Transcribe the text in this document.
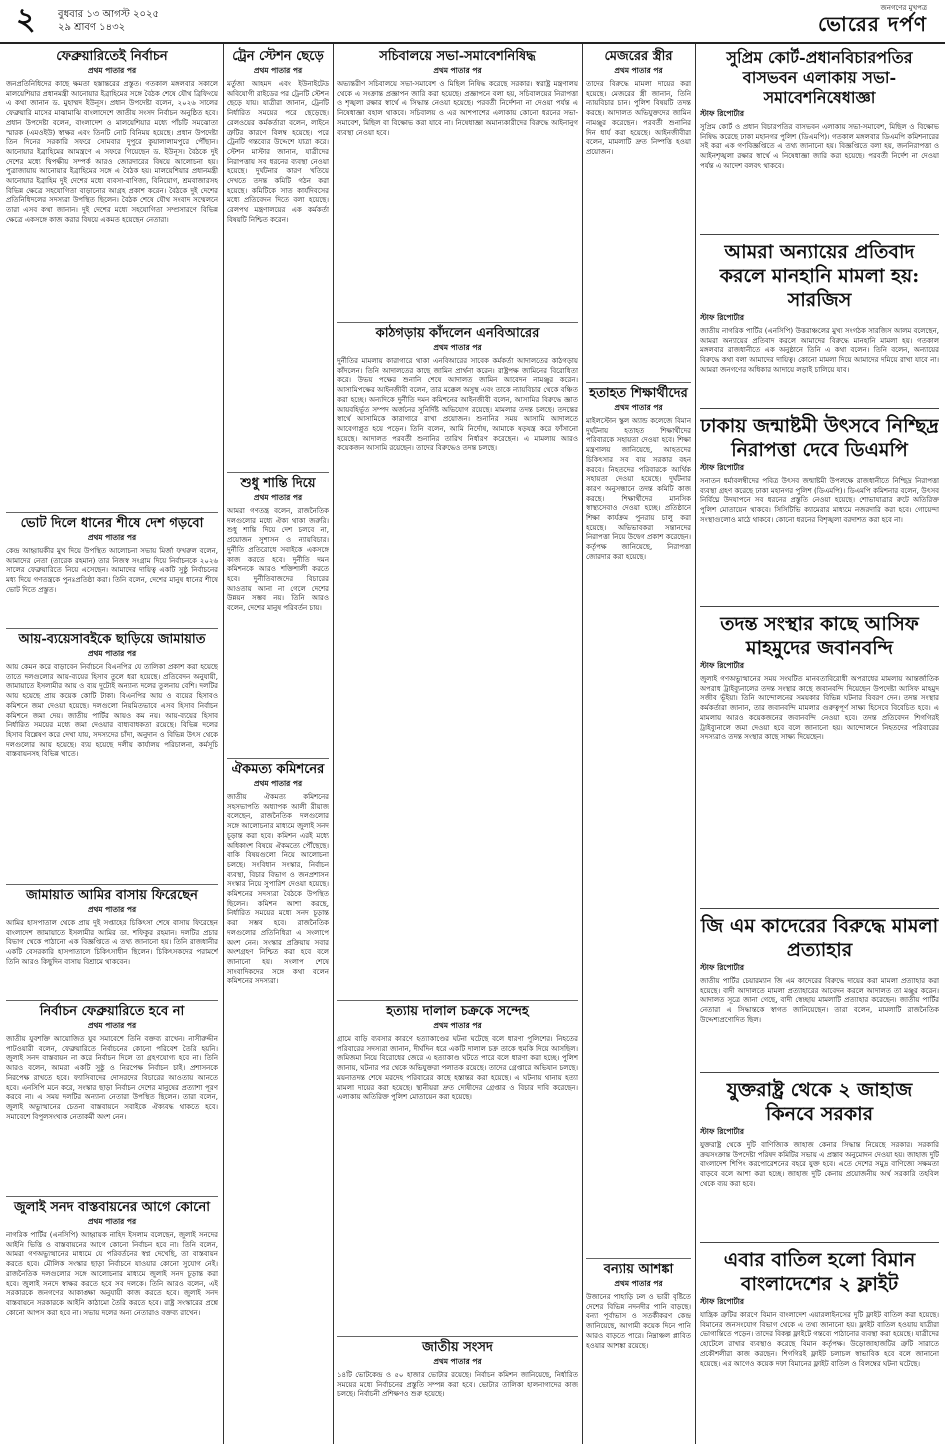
২ বুধবার ১৩ আগস্ট ২০২৫
২৯ শ্রাবণ ১৪৩২
জনগণের মুখপত্র
ভোরের দর্পণ
ফেব্রুয়ারিতেই নির্বাচন
প্রথম পাতার পর

জনপ্রতিনিধিদের কাছে ক্ষমতা হস্তান্তরের প্রস্তুত। গতকাল মঙ্গলবার সকালে মালয়েশিয়ার প্রধানমন্ত্রী আনোয়ার ইব্রাহিমের সঙ্গে বৈঠক শেষে যৌথ ব্রিফিংয়ে এ কথা জানান ড. মুহাম্মদ ইউনূস। প্রধান উপদেষ্টা বলেন, ২০২৬ সালের ফেব্রুয়ারি মাসের মাঝামাঝি বাংলাদেশে জাতীয় সংসদ নির্বাচন অনুষ্ঠিত হবে। প্রধান উপদেষ্টা বলেন, বাংলাদেশ ও মালয়েশিয়ার মধ্যে পাঁচটি সমঝোতা স্মারক (এমওইউ) স্বাক্ষর এবং তিনটি নোট বিনিময় হয়েছে। প্রধান উপদেষ্টা তিন দিনের সরকারি সফরে সোমবার দুপুরে কুয়ালালামপুরে পৌঁছান। আনোয়ার ইব্রাহিমের আমন্ত্রণে এ সফরে গিয়েছেন ড. ইউনূস। বৈঠকে দুই দেশের মধ্যে দ্বিপক্ষীয় সম্পর্ক আরও জোরদারের বিষয়ে আলোচনা হয়। পুত্রাজায়ায় আনোয়ার ইব্রাহিমের সঙ্গে এ বৈঠক হয়। মালয়েশিয়ার প্রধানমন্ত্রী আনোয়ার ইব্রাহিম দুই দেশের মধ্যে ব্যবসা-বাণিজ্য, বিনিয়োগ, শ্রমবাজারসহ বিভিন্ন ক্ষেত্রে সহযোগিতা বাড়ানোর আগ্রহ প্রকাশ করেন। বৈঠকে দুই দেশের প্রতিনিধিদলের সদস্যরা উপস্থিত ছিলেন। বৈঠক শেষে যৌথ সংবাদ সম্মেলনে তারা এসব কথা জানান। দুই দেশের মধ্যে সহযোগিতা সম্প্রসারণে বিভিন্ন ক্ষেত্রে একসঙ্গে কাজ করার বিষয়ে একমত হয়েছেন নেতারা।

ভোট দিলে ধানের শীষে দেশ গড়বো
প্রথম পাতার পর

কেন্দ্র আহ্বায়কীর মুখ দিয়ে উপস্থিত আলোচনা সভায় মির্জা ফখরুল বলেন, আমাদের নেতা (তারেক রহমান) তার নিজস্ব সংগ্রাম দিয়ে নির্বাচনকে ২০২৬ সালের ফেব্রুয়ারিতে নিয়ে এসেছেন। আমাদের দায়িত্ব একটি সুষ্ঠু নির্বাচনের মধ্য দিয়ে গণতন্ত্রকে পুনঃপ্রতিষ্ঠা করা। তিনি বলেন, দেশের মানুষ ধানের শীষে ভোট দিতে প্রস্তুত।

আয়-ব্যয়েসাবইকে ছাড়িয়ে জামায়াত
প্রথম পাতার পর

আয় কেমন করে বাড়াবেন নির্বাচনে বিএনপির যে তালিকা প্রকাশ করা হয়েছে তাতে দলগুলোর আয়-ব্যয়ের হিসাব তুলে ধরা হয়েছে। প্রতিবেদন অনুযায়ী, জামায়াতে ইসলামীর আয় ও ব্যয় দুটোই অন্যান্য দলের তুলনায় বেশি। দলটির আয় হয়েছে প্রায় কয়েক কোটি টাকা। বিএনপির আয় ও ব্যয়ের হিসাবও কমিশনে জমা দেওয়া হয়েছে। দলগুলো নিয়মিতভাবে এসব হিসাব নির্বাচন কমিশনে জমা দেয়। জাতীয় পার্টির আয়ও কম নয়। আয়-ব্যয়ের হিসাব নির্ধারিত সময়ের মধ্যে জমা দেওয়ার বাধ্যবাধকতা রয়েছে। বিভিন্ন দলের হিসাব বিশ্লেষণ করে দেখা যায়, সদস্যদের চাঁদা, অনুদান ও বিভিন্ন উৎস থেকে দলগুলোর আয় হয়েছে। ব্যয় হয়েছে দলীয় কার্যালয় পরিচালনা, কর্মসূচি বাস্তবায়নসহ বিভিন্ন খাতে।

জামায়াত আমির বাসায় ফিরেছেন
প্রথম পাতার পর

আমির হাসপাতাল থেকে প্রায় দুই সপ্তাহের চিকিৎসা শেষে বাসায় ফিরেছেন বাংলাদেশ জামায়াতে ইসলামীর আমির ডা. শফিকুর রহমান। দলটির প্রচার বিভাগ থেকে পাঠানো এক বিজ্ঞপ্তিতে এ তথ্য জানানো হয়। তিনি রাজধানীর একটি বেসরকারি হাসপাতালে চিকিৎসাধীন ছিলেন। চিকিৎসকদের পরামর্শে তিনি আরও কিছুদিন বাসায় বিশ্রামে থাকবেন।

নির্বাচন ফেব্রুয়ারিতে হবে না
প্রথম পাতার পর

জাতীয় যুবশক্তি আয়োজিত যুব সমাবেশে তিনি বক্তব্য রাখেন। নাসীরুদ্দীন পাটওয়ারী বলেন, ফেব্রুয়ারিতে নির্বাচনের কোনো পরিবেশ তৈরি হয়নি। জুলাই সনদ বাস্তবায়ন না করে নির্বাচন দিলে তা গ্রহণযোগ্য হবে না। তিনি আরও বলেন, আমরা একটি সুষ্ঠু ও নিরপেক্ষ নির্বাচন চাই। প্রশাসনকে নিরপেক্ষ রাখতে হবে। ফ্যাসিবাদের দোসরদের বিচারের আওতায় আনতে হবে। এনসিপি মনে করে, সংস্কার ছাড়া নির্বাচন দেশের মানুষের প্রত্যাশা পূরণ করবে না। এ সময় দলটির অন্যান্য নেতারা উপস্থিত ছিলেন। তারা বলেন, জুলাই অভ্যুত্থানের চেতনা বাস্তবায়নে সবাইকে ঐক্যবদ্ধ থাকতে হবে। সমাবেশে বিপুলসংখ্যক নেতাকর্মী অংশ নেন।

জুলাই সনদ বাস্তবায়নের আগে কোনো
প্রথম পাতার পর

নাগরিক পার্টির (এনসিপি) আহ্বায়ক নাহিদ ইসলাম বলেছেন, জুলাই সনদের আইনি ভিত্তি ও বাস্তবায়নের আগে কোনো নির্বাচন হবে না। তিনি বলেন, আমরা গণঅভ্যুত্থানের মাধ্যমে যে পরিবর্তনের স্বপ্ন দেখেছি, তা বাস্তবায়ন করতে হবে। মৌলিক সংস্কার ছাড়া নির্বাচনে যাওয়ার কোনো সুযোগ নেই। রাজনৈতিক দলগুলোর সঙ্গে আলোচনার মাধ্যমে জুলাই সনদ চূড়ান্ত করা হবে। জুলাই সনদে স্বাক্ষর করতে হবে সব দলকে। তিনি আরও বলেন, এই সরকারকে জনগণের আকাঙ্ক্ষা অনুযায়ী কাজ করতে হবে। জুলাই সনদ বাস্তবায়নে সরকারকে আইনি কাঠামো তৈরি করতে হবে। রাষ্ট্র সংস্কারের প্রশ্নে কোনো আপস করা হবে না। সভায় দলের অন্য নেতারাও বক্তব্য রাখেন।

ট্রেন স্টেশন ছেড়ে
প্রথম পাতার পর

মর্তুজা আহমদ এবং ইউনাইটেড অবিযোগী রাইডের পর ট্রেনটি স্টেশন ছেড়ে যায়। যাত্রীরা জানান, ট্রেনটি নির্ধারিত সময়ের পরে ছেড়েছে। রেলওয়ের কর্মকর্তারা বলেন, লাইনে ত্রুটির কারণে বিলম্ব হয়েছে। পরে ট্রেনটি গন্তব্যের উদ্দেশে যাত্রা করে। স্টেশন মাস্টার জানান, যাত্রীদের নিরাপত্তায় সব ধরনের ব্যবস্থা নেওয়া হয়েছে। দুর্ঘটনার কারণ খতিয়ে দেখতে তদন্ত কমিটি গঠন করা হয়েছে। কমিটিকে সাত কার্যদিবসের মধ্যে প্রতিবেদন দিতে বলা হয়েছে। রেলপথ মন্ত্রণালয়ের এক কর্মকর্তা বিষয়টি নিশ্চিত করেন।

শুধু শান্তি দিয়ে
প্রথম পাতার পর

আমরা গণতন্ত্র বলেন, রাজনৈতিক দলগুলোর মধ্যে ঐক্য থাকা জরুরি। শুধু শান্তি দিয়ে দেশ চলবে না, প্রয়োজন সুশাসন ও ন্যায়বিচার। দুর্নীতি প্রতিরোধে সবাইকে একসঙ্গে কাজ করতে হবে। দুর্নীতি দমন কমিশনকে আরও শক্তিশালী করতে হবে। দুর্নীতিবাজদের বিচারের আওতায় আনা না গেলে দেশের উন্নয়ন সম্ভব নয়। তিনি আরও বলেন, দেশের মানুষ পরিবর্তন চায়।

ঐকমত্য কমিশনের
প্রথম পাতার পর

জাতীয় ঐকমত্য কমিশনের সহসভাপতি অধ্যাপক আলী রীয়াজ বলেছেন, রাজনৈতিক দলগুলোর সঙ্গে আলোচনার মাধ্যমে জুলাই সনদ চূড়ান্ত করা হবে। কমিশন এরই মধ্যে অধিকাংশ বিষয়ে ঐকমত্যে পৌঁছেছে। বাকি বিষয়গুলো নিয়ে আলোচনা চলছে। সংবিধান সংস্কার, নির্বাচন ব্যবস্থা, বিচার বিভাগ ও জনপ্রশাসন সংস্কার নিয়ে সুপারিশ দেওয়া হয়েছে। কমিশনের সদস্যরা বৈঠকে উপস্থিত ছিলেন। কমিশন আশা করছে, নির্ধারিত সময়ের মধ্যে সনদ চূড়ান্ত করা সম্ভব হবে। রাজনৈতিক দলগুলোর প্রতিনিধিরা এ সংলাপে অংশ নেন। সংস্কার প্রক্রিয়ায় সবার অংশগ্রহণ নিশ্চিত করা হবে বলে জানানো হয়। সংলাপ শেষে সাংবাদিকদের সঙ্গে কথা বলেন কমিশনের সদস্যরা।

সচিবালয়ে সভা-সমাবেশনিষিদ্ধ
প্রথম পাতার পর

অভ্যন্তরীণ সচিবালয়ে সভা-সমাবেশ ও মিছিল নিষিদ্ধ করেছে সরকার। স্বরাষ্ট্র মন্ত্রণালয় থেকে এ সংক্রান্ত প্রজ্ঞাপন জারি করা হয়েছে। প্রজ্ঞাপনে বলা হয়, সচিবালয়ের নিরাপত্তা ও শৃঙ্খলা রক্ষার স্বার্থে এ সিদ্ধান্ত নেওয়া হয়েছে। পরবর্তী নির্দেশনা না দেওয়া পর্যন্ত এ নিষেধাজ্ঞা বহাল থাকবে। সচিবালয় ও এর আশপাশের এলাকায় কোনো ধরনের সভা-সমাবেশ, মিছিল বা বিক্ষোভ করা যাবে না। নিষেধাজ্ঞা অমান্যকারীদের বিরুদ্ধে আইনানুগ ব্যবস্থা নেওয়া হবে।

কাঠগড়ায় কাঁদলেন এনবিআরের
প্রথম পাতার পর

দুর্নীতির মামলায় কারাগারে থাকা এনবিআরের সাবেক কর্মকর্তা আদালতের কাঠগড়ায় কাঁদলেন। তিনি আদালতের কাছে জামিন প্রার্থনা করেন। রাষ্ট্রপক্ষ জামিনের বিরোধিতা করে। উভয় পক্ষের শুনানি শেষে আদালত জামিন আবেদন নামঞ্জুর করেন। আসামিপক্ষের আইনজীবী বলেন, তার মক্কেল অসুস্থ এবং তাকে ন্যায়বিচার থেকে বঞ্চিত করা হচ্ছে। অন্যদিকে দুর্নীতি দমন কমিশনের আইনজীবী বলেন, আসামির বিরুদ্ধে জ্ঞাত আয়বহির্ভূত সম্পদ অর্জনের সুনির্দিষ্ট অভিযোগ রয়েছে। মামলার তদন্ত চলছে। তদন্তের স্বার্থে আসামিকে কারাগারে রাখা প্রয়োজন। শুনানির সময় আসামি আদালতে আবেগাপ্লুত হয়ে পড়েন। তিনি বলেন, আমি নির্দোষ, আমাকে ষড়যন্ত্র করে ফাঁসানো হয়েছে। আদালত পরবর্তী শুনানির তারিখ নির্ধারণ করেছেন। এ মামলায় আরও কয়েকজন আসামি রয়েছেন। তাদের বিরুদ্ধেও তদন্ত চলছে।

হত্যায় দালাল চক্রকে সন্দেহ
প্রথম পাতার পর

গ্রামে বাড়ি ব্যবসার কারণে হত্যাকাণ্ডের ঘটনা ঘটেছে বলে ধারণা পুলিশের। নিহতের পরিবারের সদস্যরা জানান, দীর্ঘদিন ধরে একটি দালাল চক্র তাকে হুমকি দিয়ে আসছিল। জমিজমা নিয়ে বিরোধের জেরে এ হত্যাকাণ্ড ঘটতে পারে বলে ধারণা করা হচ্ছে। পুলিশ জানায়, ঘটনার পর থেকে অভিযুক্তরা পলাতক রয়েছে। তাদের গ্রেপ্তারে অভিযান চলছে। ময়নাতদন্ত শেষে মরদেহ পরিবারের কাছে হস্তান্তর করা হয়েছে। এ ঘটনায় থানায় হত্যা মামলা দায়ের করা হয়েছে। স্থানীয়রা দ্রুত দোষীদের গ্রেপ্তার ও বিচার দাবি করেছেন। এলাকায় অতিরিক্ত পুলিশ মোতায়েন করা হয়েছে।

জাতীয় সংসদ
প্রথম পাতার পর

১৪টি ভোটকেন্দ্র ও ৫০ হাজার ভোটার রয়েছে। নির্বাচন কমিশন জানিয়েছে, নির্ধারিত সময়ের মধ্যে নির্বাচনের প্রস্তুতি সম্পন্ন করা হবে। ভোটার তালিকা হালনাগাদের কাজ চলছে। নির্বাচনী প্রশিক্ষণও শুরু হয়েছে।

মেজরের স্ত্রীর
প্রথম পাতার পর

তাদের বিরুদ্ধে মামলা দায়ের করা হয়েছে। মেজরের স্ত্রী জানান, তিনি ন্যায়বিচার চান। পুলিশ বিষয়টি তদন্ত করছে। আদালত অভিযুক্তদের জামিন নামঞ্জুর করেছেন। পরবর্তী শুনানির দিন ধার্য করা হয়েছে। আইনজীবীরা বলেন, মামলাটি দ্রুত নিষ্পত্তি হওয়া প্রয়োজন।

হতাহত শিক্ষার্থীদের
প্রথম পাতার পর

মাইলস্টোন স্কুল অ্যান্ড কলেজে বিমান দুর্ঘটনায় হতাহত শিক্ষার্থীদের পরিবারকে সহায়তা দেওয়া হবে। শিক্ষা মন্ত্রণালয় জানিয়েছে, আহতদের চিকিৎসার সব ব্যয় সরকার বহন করবে। নিহতদের পরিবারকে আর্থিক সহায়তা দেওয়া হয়েছে। দুর্ঘটনার কারণ অনুসন্ধানে তদন্ত কমিটি কাজ করছে। শিক্ষার্থীদের মানসিক স্বাস্থ্যসেবাও দেওয়া হচ্ছে। প্রতিষ্ঠানে শিক্ষা কার্যক্রম পুনরায় চালু করা হয়েছে। অভিভাবকরা সন্তানদের নিরাপত্তা নিয়ে উদ্বেগ প্রকাশ করেছেন। কর্তৃপক্ষ জানিয়েছে, নিরাপত্তা জোরদার করা হয়েছে।

বন্যায় আশঙ্কা
প্রথম পাতার পর

উজানের পাহাড়ি ঢল ও ভারী বৃষ্টিতে দেশের বিভিন্ন নদনদীর পানি বাড়ছে। বন্যা পূর্বাভাস ও সতর্কীকরণ কেন্দ্র জানিয়েছে, আগামী কয়েক দিনে পানি আরও বাড়তে পারে। নিম্নাঞ্চল প্লাবিত হওয়ার আশঙ্কা রয়েছে।

সুপ্রিম কোর্ট-প্রধানবিচারপতির বাসভবন এলাকায় সভা-সমাবেশনিষেধাজ্ঞা
স্টাফ রিপোর্টার

সুপ্রিম কোর্ট ও প্রধান বিচারপতির বাসভবন এলাকায় সভা-সমাবেশ, মিছিল ও বিক্ষোভ নিষিদ্ধ করেছে ঢাকা মহানগর পুলিশ (ডিএমপি)। গতকাল মঙ্গলবার ডিএমপি কমিশনারের সই করা এক গণবিজ্ঞপ্তিতে এ তথ্য জানানো হয়। বিজ্ঞপ্তিতে বলা হয়, জননিরাপত্তা ও আইনশৃঙ্খলা রক্ষার স্বার্থে এ নিষেধাজ্ঞা জারি করা হয়েছে। পরবর্তী নির্দেশ না দেওয়া পর্যন্ত এ আদেশ বলবৎ থাকবে।

আমরা অন্যায়ের প্রতিবাদ করলে মানহানি মামলা হয়: সারজিস
স্টাফ রিপোর্টার

জাতীয় নাগরিক পার্টির (এনসিপি) উত্তরাঞ্চলের মুখ্য সংগঠক সারজিস আলম বলেছেন, আমরা অন্যায়ের প্রতিবাদ করলে আমাদের বিরুদ্ধে মানহানি মামলা হয়। গতকাল মঙ্গলবার রাজধানীতে এক অনুষ্ঠানে তিনি এ কথা বলেন। তিনি বলেন, অন্যায়ের বিরুদ্ধে কথা বলা আমাদের দায়িত্ব। কোনো মামলা দিয়ে আমাদের দমিয়ে রাখা যাবে না। আমরা জনগণের অধিকার আদায়ে লড়াই চালিয়ে যাব।

ঢাকায় জন্মাষ্টমী উৎসবে নিশ্ছিদ্র নিরাপত্তা দেবে ডিএমপি
স্টাফ রিপোর্টার

সনাতন ধর্মাবলম্বীদের পবিত্র উৎসব জন্মাষ্টমী উপলক্ষে রাজধানীতে নিশ্ছিদ্র নিরাপত্তা ব্যবস্থা গ্রহণ করেছে ঢাকা মহানগর পুলিশ (ডিএমপি)। ডিএমপি কমিশনার বলেন, উৎসব নির্বিঘ্নে উদযাপনে সব ধরনের প্রস্তুতি নেওয়া হয়েছে। শোভাযাত্রার রুটে অতিরিক্ত পুলিশ মোতায়েন থাকবে। সিসিটিভি ক্যামেরার মাধ্যমে নজরদারি করা হবে। গোয়েন্দা সংস্থাগুলোও মাঠে থাকবে। কোনো ধরনের বিশৃঙ্খলা বরদাশত করা হবে না।

তদন্ত সংস্থার কাছে আসিফ মাহমুদের জবানবন্দি
স্টাফ রিপোর্টার

জুলাই গণঅভ্যুত্থানের সময় সংঘটিত মানবতাবিরোধী অপরাধের মামলায় আন্তর্জাতিক অপরাধ ট্রাইব্যুনালের তদন্ত সংস্থার কাছে জবানবন্দি দিয়েছেন উপদেষ্টা আসিফ মাহমুদ সজীব ভূঁইয়া। তিনি আন্দোলনের সময়কার বিভিন্ন ঘটনার বিবরণ দেন। তদন্ত সংস্থার কর্মকর্তারা জানান, তার জবানবন্দি মামলার গুরুত্বপূর্ণ সাক্ষ্য হিসেবে বিবেচিত হবে। এ মামলায় আরও কয়েকজনের জবানবন্দি নেওয়া হবে। তদন্ত প্রতিবেদন শিগগিরই ট্রাইব্যুনালে জমা দেওয়া হবে বলে জানানো হয়। আন্দোলনে নিহতদের পরিবারের সদস্যরাও তদন্ত সংস্থার কাছে সাক্ষ্য দিয়েছেন।

জি এম কাদেরের বিরুদ্ধে মামলা প্রত্যাহার
স্টাফ রিপোর্টার

জাতীয় পার্টির চেয়ারম্যান জি এম কাদেরের বিরুদ্ধে দায়ের করা মামলা প্রত্যাহার করা হয়েছে। বাদী আদালতে মামলা প্রত্যাহারের আবেদন করলে আদালত তা মঞ্জুর করেন। আদালত সূত্রে জানা গেছে, বাদী স্বেচ্ছায় মামলাটি প্রত্যাহার করেছেন। জাতীয় পার্টির নেতারা এ সিদ্ধান্তকে স্বাগত জানিয়েছেন। তারা বলেন, মামলাটি রাজনৈতিক উদ্দেশ্যপ্রণোদিত ছিল।

যুক্তরাষ্ট্র থেকে ২ জাহাজ কিনবে সরকার
স্টাফ রিপোর্টার

যুক্তরাষ্ট্র থেকে দুটি বাণিজ্যিক জাহাজ কেনার সিদ্ধান্ত নিয়েছে সরকার। সরকারি ক্রয়সংক্রান্ত উপদেষ্টা পরিষদ কমিটির সভায় এ প্রস্তাব অনুমোদন দেওয়া হয়। জাহাজ দুটি বাংলাদেশ শিপিং করপোরেশনের বহরে যুক্ত হবে। এতে দেশের সমুদ্র বাণিজ্যে সক্ষমতা বাড়বে বলে আশা করা হচ্ছে। জাহাজ দুটি কেনায় প্রয়োজনীয় অর্থ সরকারি তহবিল থেকে ব্যয় করা হবে।

এবার বাতিল হলো বিমান বাংলাদেশের ২ ফ্লাইট
স্টাফ রিপোর্টার

যান্ত্রিক ত্রুটির কারণে বিমান বাংলাদেশ এয়ারলাইনসের দুটি ফ্লাইট বাতিল করা হয়েছে। বিমানের জনসংযোগ বিভাগ থেকে এ তথ্য জানানো হয়। ফ্লাইট বাতিল হওয়ায় যাত্রীরা ভোগান্তিতে পড়েন। তাদের বিকল্প ফ্লাইটে গন্তব্যে পাঠানোর ব্যবস্থা করা হয়েছে। যাত্রীদের হোটেলে রাখার ব্যবস্থাও করেছে বিমান কর্তৃপক্ষ। উড়োজাহাজটির ত্রুটি সারাতে প্রকৌশলীরা কাজ করছেন। শিগগিরই ফ্লাইট চলাচল স্বাভাবিক হবে বলে জানানো হয়েছে। এর আগেও কয়েক দফা বিমানের ফ্লাইট বাতিল ও বিলম্বের ঘটনা ঘটেছে।
